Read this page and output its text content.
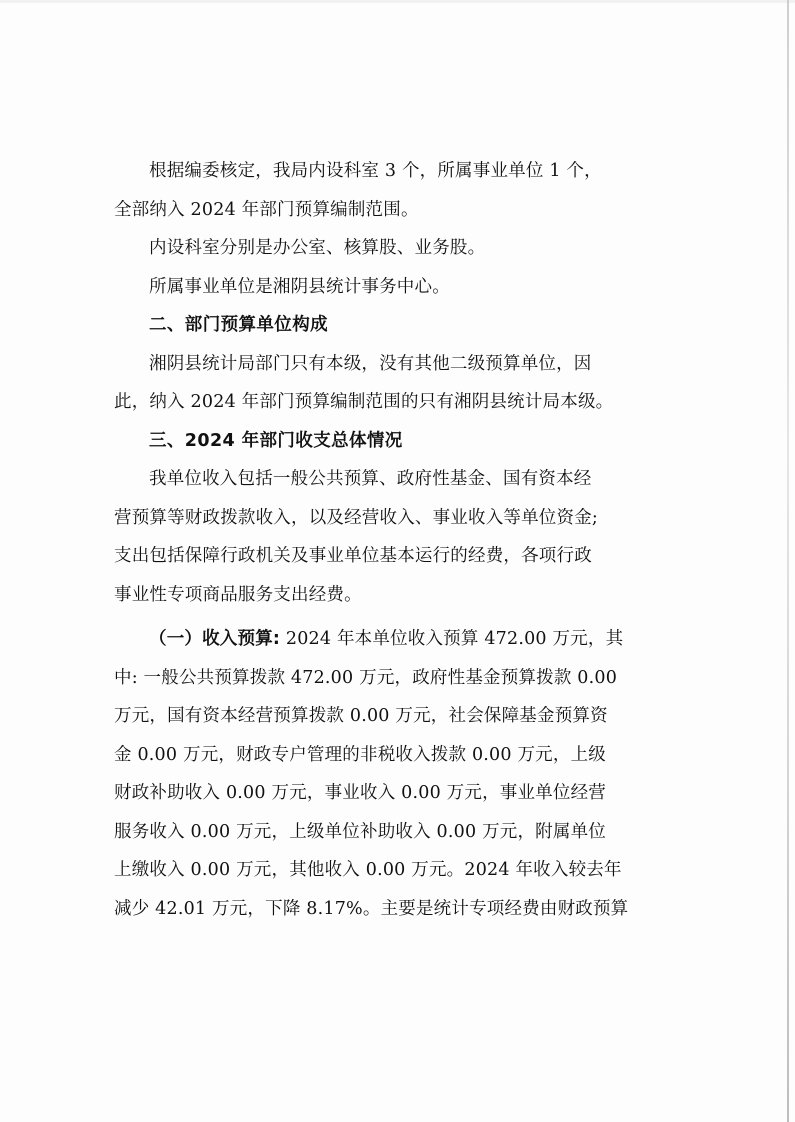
根据编委核定，我局内设科室 3 个，所属事业单位 1 个，
全部纳入 2024 年部门预算编制范围。

内设科室分别是办公室、核算股、业务股。

所属事业单位是湘阴县统计事务中心。

二、部门预算单位构成

湘阴县统计局部门只有本级，没有其他二级预算单位，因
此，纳入 2024 年部门预算编制范围的只有湘阴县统计局本级。

三、2024 年部门收支总体情况

我单位收入包括一般公共预算、政府性基金、国有资本经
营预算等财政拨款收入，以及经营收入、事业收入等单位资金;
支出包括保障行政机关及事业单位基本运行的经费，各项行政
事业性专项商品服务支出经费。

（一）收入预算: 2024 年本单位收入预算 472.00 万元，其
中: 一般公共预算拨款 472.00 万元，政府性基金预算拨款 0.00
万元，国有资本经营预算拨款 0.00 万元，社会保障基金预算资
金 0.00 万元，财政专户管理的非税收入拨款 0.00 万元，上级
财政补助收入 0.00 万元，事业收入 0.00 万元，事业单位经营
服务收入 0.00 万元，上级单位补助收入 0.00 万元，附属单位
上缴收入 0.00 万元，其他收入 0.00 万元。2024 年收入较去年
减少 42.01 万元，下降 8.17%。主要是统计专项经费由财政预算
